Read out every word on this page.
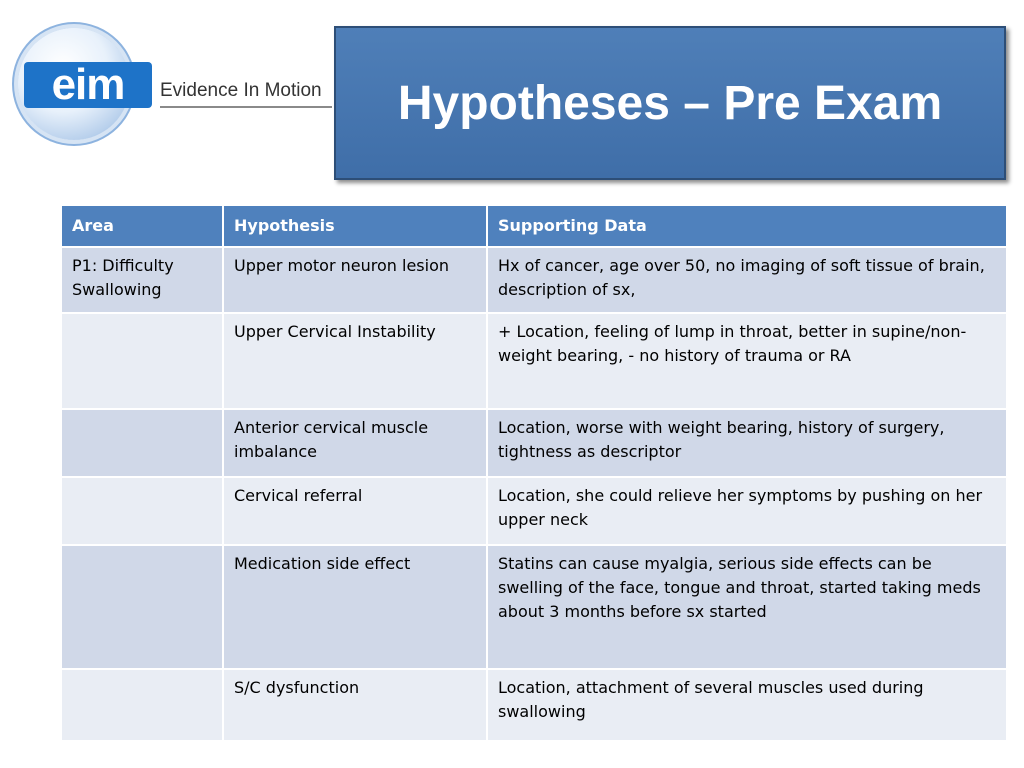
eim	Evidence In Motion Hypotheses – Pre Exam
Area	Hypothesis	Supporting Data
P1: Difficulty Swallowing	Upper motor neuron lesion	Hx of cancer, age over 50, no imaging of soft tissue of brain, description of sx,
	Upper Cervical Instability	+ Location, feeling of lump in throat, better in supine/non-weight bearing, - no history of trauma or RA
	Anterior cervical muscle imbalance	Location, worse with weight bearing, history of surgery, tightness as descriptor
	Cervical referral	Location, she could relieve her symptoms by pushing on her upper neck
	Medication side effect	Statins can cause myalgia, serious side effects can be swelling of the face, tongue and throat, started taking meds about 3 months before sx started
	S/C dysfunction	Location, attachment of several muscles used during swallowing
